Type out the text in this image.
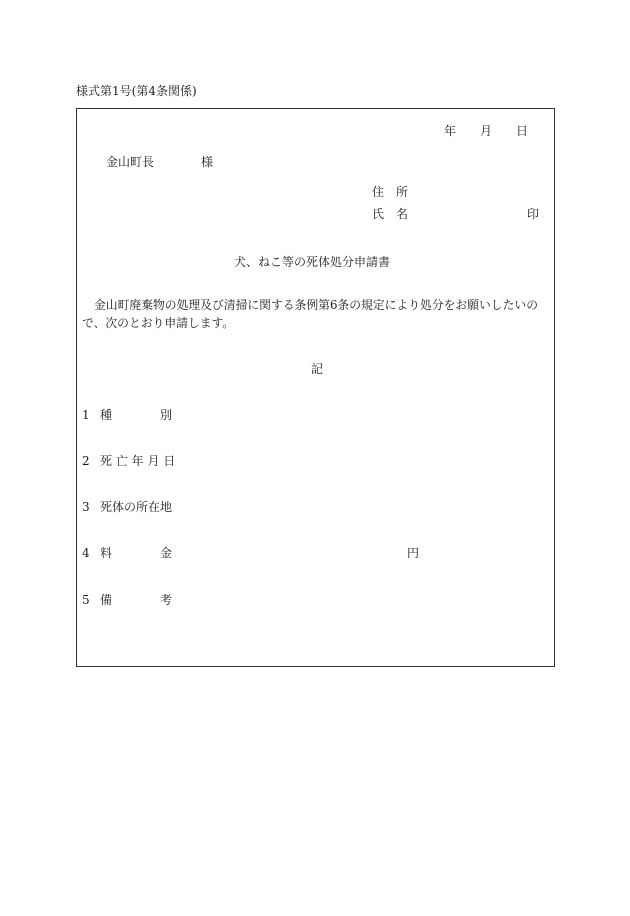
様式第1号(第4条関係)
年 月 日
金山町長	様
住　所
氏　名	印
犬、ねこ等の死体処分申請書
金山町廃棄物の処理及び清掃に関する条例第6条の規定により処分をお願いしたいの
で、次のとおり申請します。
記
1 種　　　　別
2 死 亡 年 月 日
3 死体の所在地
4 料　　　　金	円
5 備　　　　考
